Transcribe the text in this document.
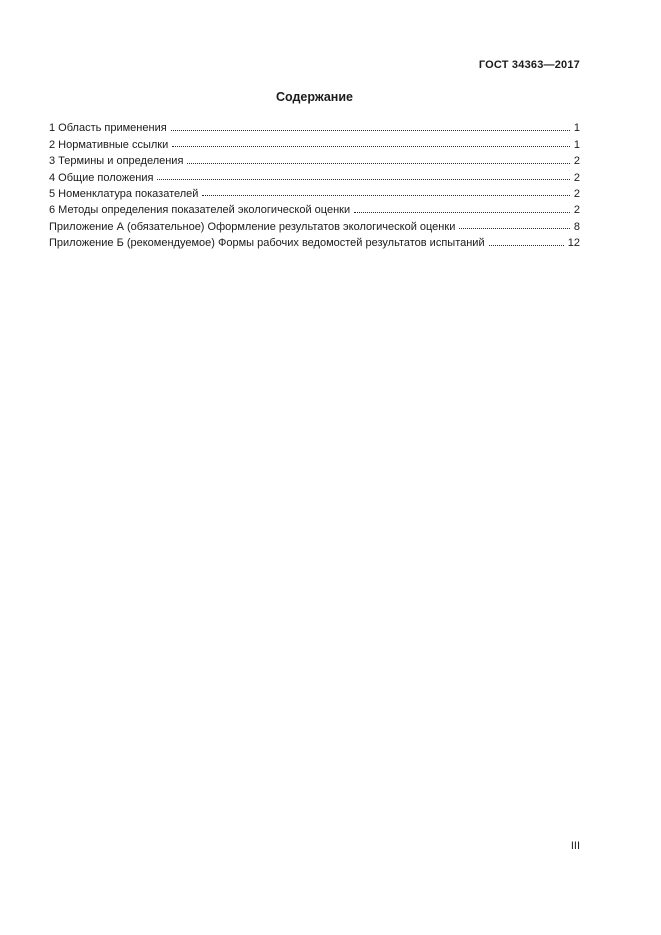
ГОСТ 34363—2017
Содержание
1 Область применения	1
2 Нормативные ссылки	1
3 Термины и определения	2
4 Общие положения	2
5 Номенклатура показателей	2
6 Методы определения показателей экологической оценки	2
Приложение А (обязательное) Оформление результатов экологической оценки	8
Приложение Б (рекомендуемое) Формы рабочих ведомостей результатов испытаний	12
III
